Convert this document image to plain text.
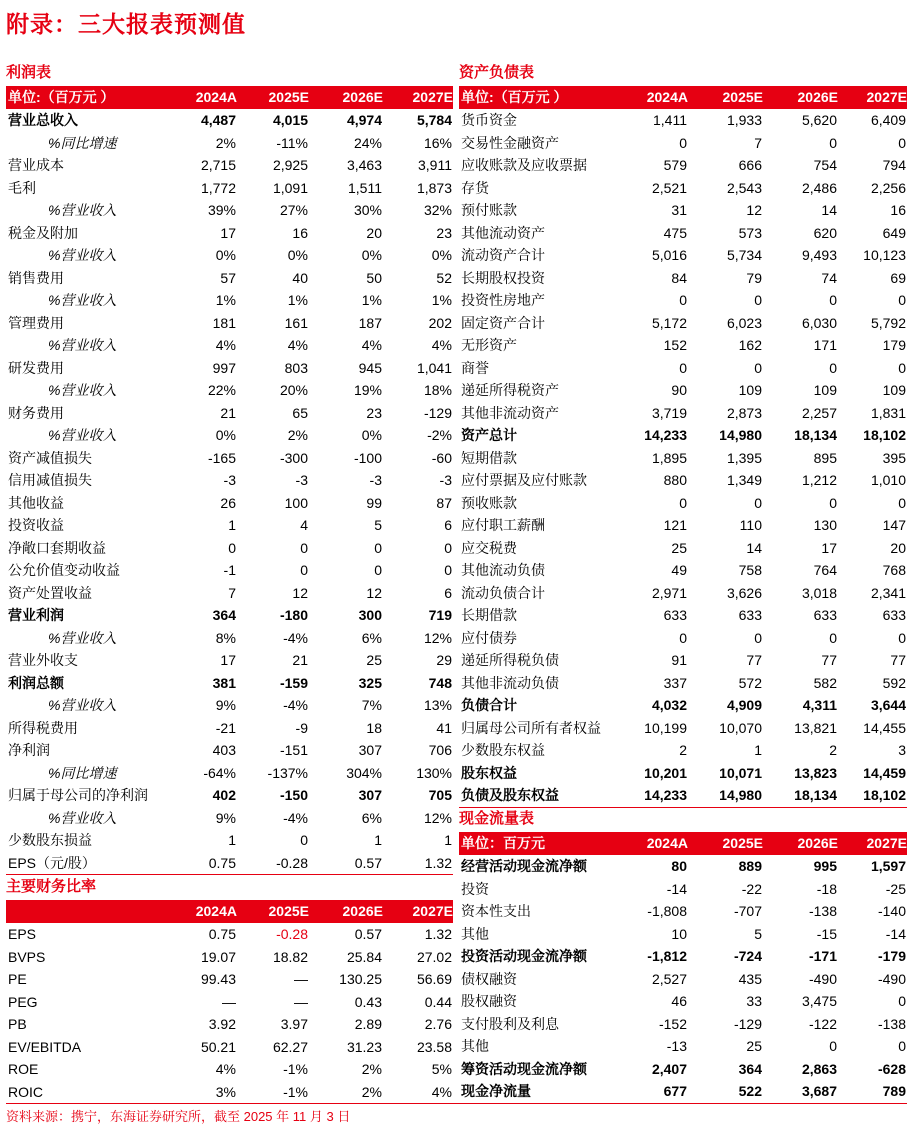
附录：三大报表预测值
利润表
单位:（百万元 ）	2024A	2025E	2026E	2027E
营业总收入	4,487	4,015	4,974	5,784
%同比增速	2%	-11%	24%	16%
营业成本	2,715	2,925	3,463	3,911
毛利	1,772	1,091	1,511	1,873
%营业收入	39%	27%	30%	32%
税金及附加	17	16	20	23
%营业收入	0%	0%	0%	0%
销售费用	57	40	50	52
%营业收入	1%	1%	1%	1%
管理费用	181	161	187	202
%营业收入	4%	4%	4%	4%
研发费用	997	803	945	1,041
%营业收入	22%	20%	19%	18%
财务费用	21	65	23	-129
%营业收入	0%	2%	0%	-2%
资产减值损失	-165	-300	-100	-60
信用减值损失	-3	-3	-3	-3
其他收益	26	100	99	87
投资收益	1	4	5	6
净敞口套期收益	0	0	0	0
公允价值变动收益	-1	0	0	0
资产处置收益	7	12	12	6
营业利润	364	-180	300	719
%营业收入	8%	-4%	6%	12%
营业外收支	17	21	25	29
利润总额	381	-159	325	748
%营业收入	9%	-4%	7%	13%
所得税费用	-21	-9	18	41
净利润	403	-151	307	706
%同比增速	-64%	-137%	304%	130%
归属于母公司的净利润	402	-150	307	705
%营业收入	9%	-4%	6%	12%
少数股东损益	1	0	1	1
EPS（元/股）	0.75	-0.28	0.57	1.32
主要财务比率
	2024A	2025E	2026E	2027E
EPS	0.75	-0.28	0.57	1.32
BVPS	19.07	18.82	25.84	27.02
PE	99.43	—	130.25	56.69
PEG	—	—	0.43	0.44
PB	3.92	3.97	2.89	2.76
EV/EBITDA	50.21	62.27	31.23	23.58
ROE	4%	-1%	2%	5%
ROIC	3%	-1%	2%	4%
资产负债表
单位:（百万元 ）	2024A	2025E	2026E	2027E
货币资金	1,411	1,933	5,620	6,409
交易性金融资产	0	7	0	0
应收账款及应收票据	579	666	754	794
存货	2,521	2,543	2,486	2,256
预付账款	31	12	14	16
其他流动资产	475	573	620	649
流动资产合计	5,016	5,734	9,493	10,123
长期股权投资	84	79	74	69
投资性房地产	0	0	0	0
固定资产合计	5,172	6,023	6,030	5,792
无形资产	152	162	171	179
商誉	0	0	0	0
递延所得税资产	90	109	109	109
其他非流动资产	3,719	2,873	2,257	1,831
资产总计	14,233	14,980	18,134	18,102
短期借款	1,895	1,395	895	395
应付票据及应付账款	880	1,349	1,212	1,010
预收账款	0	0	0	0
应付职工薪酬	121	110	130	147
应交税费	25	14	17	20
其他流动负债	49	758	764	768
流动负债合计	2,971	3,626	3,018	2,341
长期借款	633	633	633	633
应付债券	0	0	0	0
递延所得税负债	91	77	77	77
其他非流动负债	337	572	582	592
负债合计	4,032	4,909	4,311	3,644
归属母公司所有者权益	10,199	10,070	13,821	14,455
少数股东权益	2	1	2	3
股东权益	10,201	10,071	13,823	14,459
负债及股东权益	14,233	14,980	18,134	18,102
现金流量表
单位：百万元	2024A	2025E	2026E	2027E
经营活动现金流净额	80	889	995	1,597
投资	-14	-22	-18	-25
资本性支出	-1,808	-707	-138	-140
其他	10	5	-15	-14
投资活动现金流净额	-1,812	-724	-171	-179
债权融资	2,527	435	-490	-490
股权融资	46	33	3,475	0
支付股利及利息	-152	-129	-122	-138
其他	-13	25	0	0
筹资活动现金流净额	2,407	364	2,863	-628
现金净流量	677	522	3,687	789
资料来源：携宁，东海证券研究所，截至 2025 年 11 月 3 日
